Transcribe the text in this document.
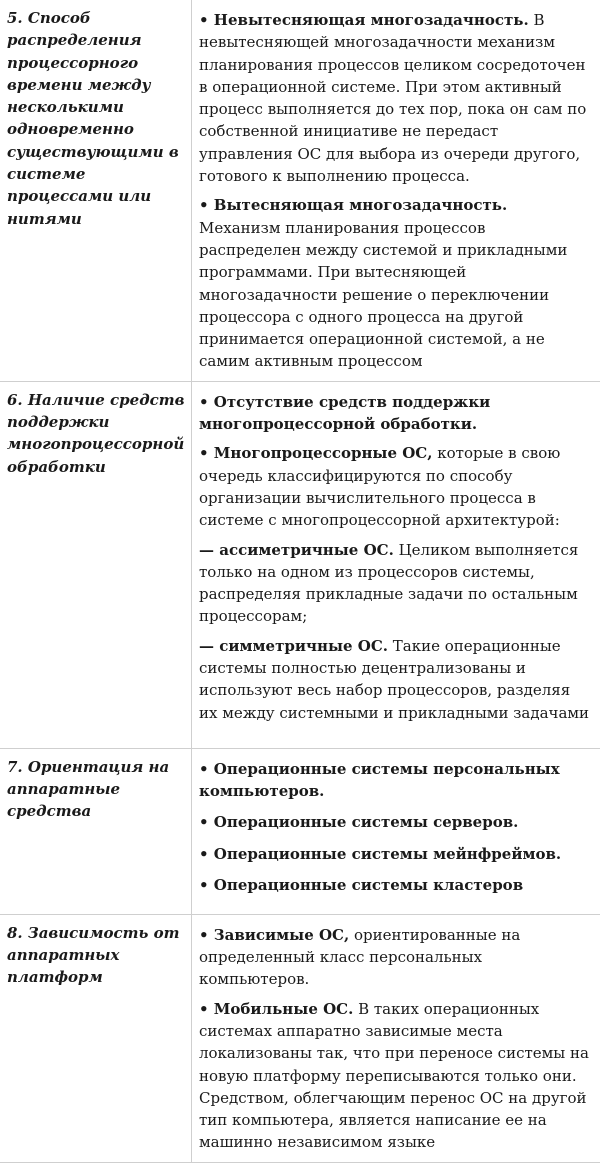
5. Способ распределения процессорного времени между несколькими одновременно существующими в системе процессами или нитями	• Невытесняющая многозадачность. В невытесняющей многозадачности механизм планирования процессов целиком сосредоточен в операционной системе. При этом активный процесс выполняется до тех пор, пока он сам по собственной инициативе не передаст управления ОС для выбора из очереди другого, готового к выполнению процесса.

• Вытесняющая многозадачность. Механизм планирования процессов распределен между системой и прикладными программами. При вытесняющей многозадачности решение о переключении процессора с одного процесса на другой принимается операционной системой, а не самим активным процессом

6. Наличие средств поддержки многопроцессорной обработки	• Отсутствие средств поддержки многопроцессорной обработки.

• Многопроцессорные ОС, которые в свою очередь классифицируются по способу организации вычислительного процесса в системе с многопроцессорной архитектурой:

— ассиметричные ОС. Целиком выполняется только на одном из процессоров системы, распределяя прикладные задачи по остальным процессорам;

— симметричные ОС. Такие операционные системы полностью децентрализованы и используют весь набор процессоров, разделяя их между системными и прикладными задачами

7. Ориентация на аппаратные средства	• Операционные системы персональных компьютеров.

• Операционные системы серверов.

• Операционные системы мейнфреймов.

• Операционные системы кластеров

8. Зависимость от аппаратных платформ	• Зависимые ОС, ориентированные на определенный класс персональных компьютеров.

• Мобильные ОС. В таких операционных системах аппаратно зависимые места локализованы так, что при переносе системы на новую платформу переписываются только они. Средством, облегчающим перенос ОС на другой тип компьютера, является написание ее на машинно независимом языке
